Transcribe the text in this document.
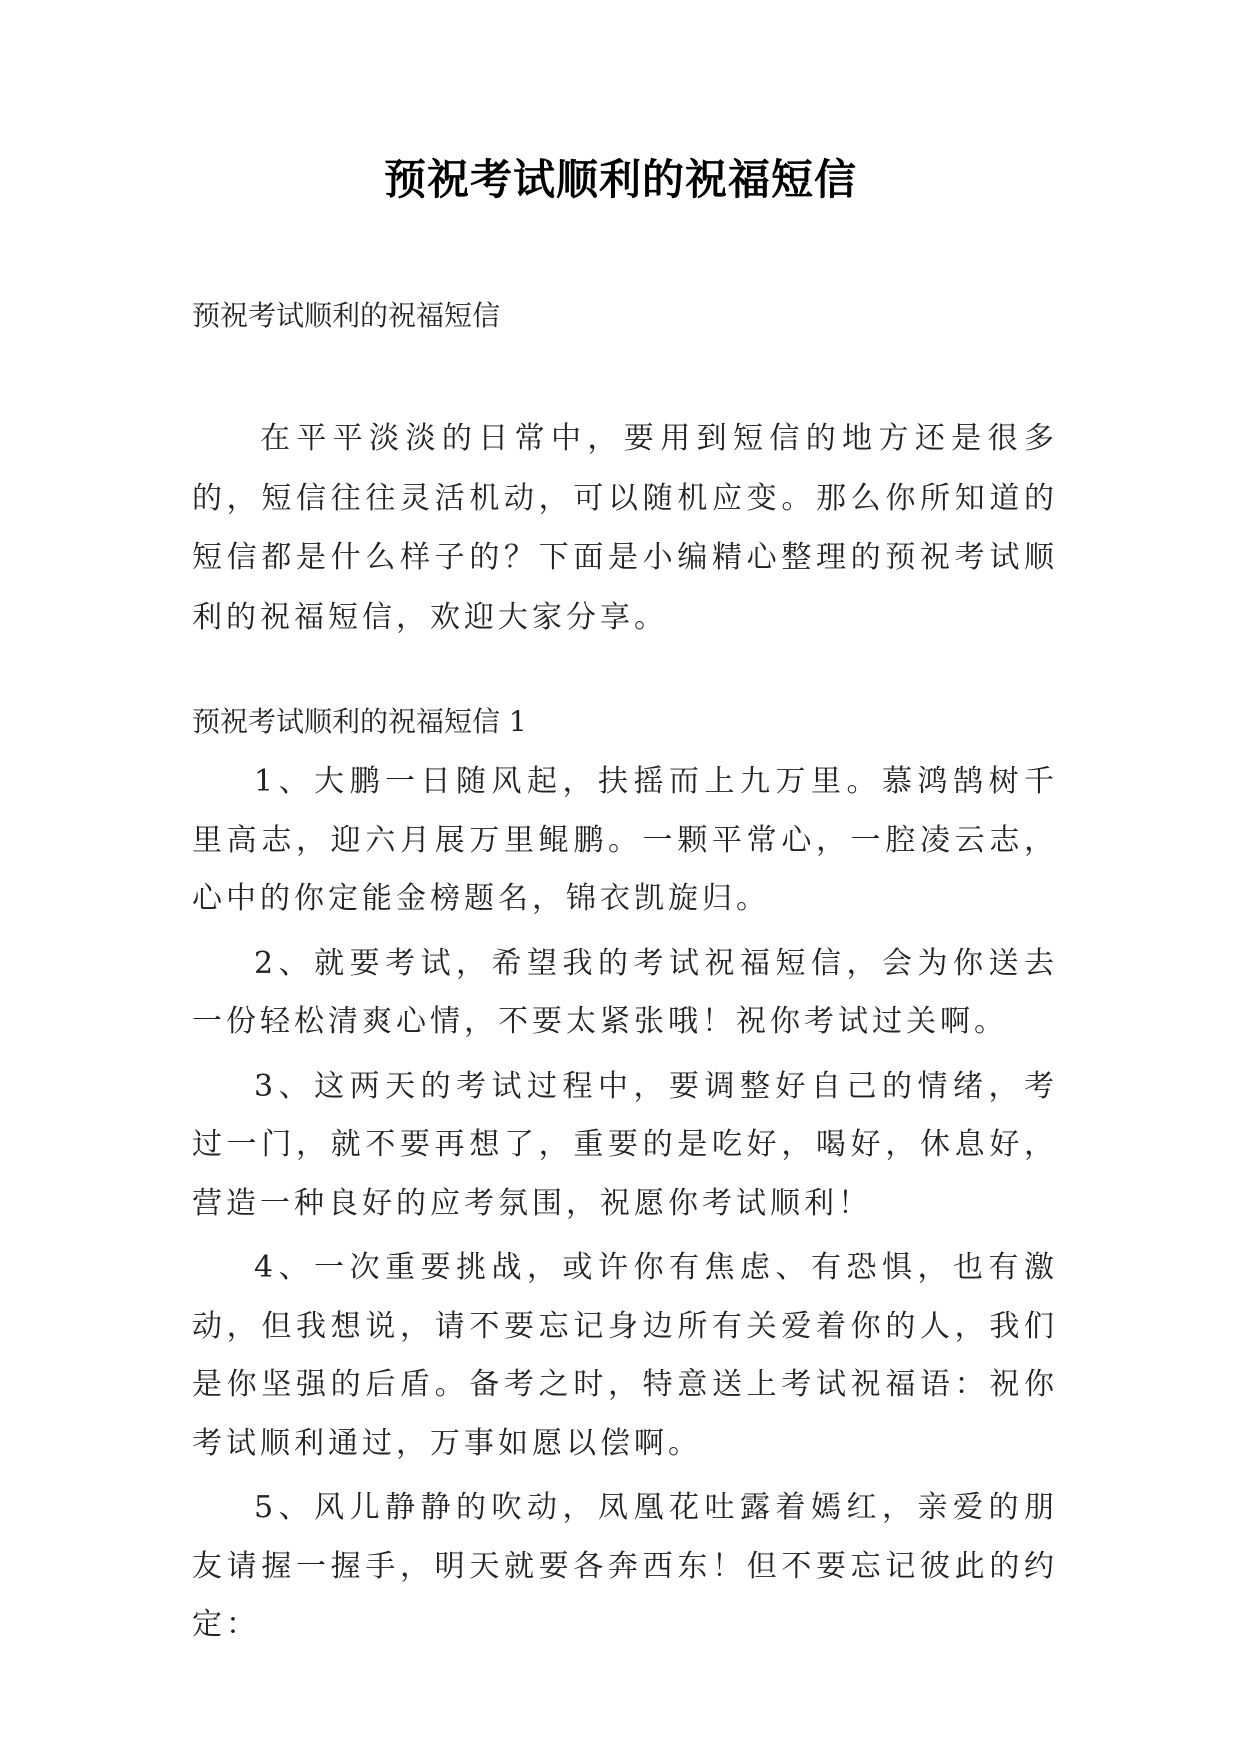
预祝考试顺利的祝福短信
预祝考试顺利的祝福短信

在平平淡淡的日常中，要用到短信的地方还是很多的，短信往往灵活机动，可以随机应变。那么你所知道的短信都是什么样子的？下面是小编精心整理的预祝考试顺利的祝福短信，欢迎大家分享。

预祝考试顺利的祝福短信 1

1、大鹏一日随风起，扶摇而上九万里。慕鸿鹄树千里高志，迎六月展万里鲲鹏。一颗平常心，一腔凌云志，心中的你定能金榜题名，锦衣凯旋归。

2、就要考试，希望我的考试祝福短信，会为你送去一份轻松清爽心情，不要太紧张哦！祝你考试过关啊。

3、这两天的考试过程中，要调整好自己的情绪，考过一门，就不要再想了，重要的是吃好，喝好，休息好，营造一种良好的应考氛围，祝愿你考试顺利！

4、一次重要挑战，或许你有焦虑、有恐惧，也有激动，但我想说，请不要忘记身边所有关爱着你的人，我们是你坚强的后盾。备考之时，特意送上考试祝福语：祝你考试顺利通过，万事如愿以偿啊。

5、风儿静静的吹动，凤凰花吐露着嫣红，亲爱的朋友请握一握手，明天就要各奔西东！但不要忘记彼此的约定：
